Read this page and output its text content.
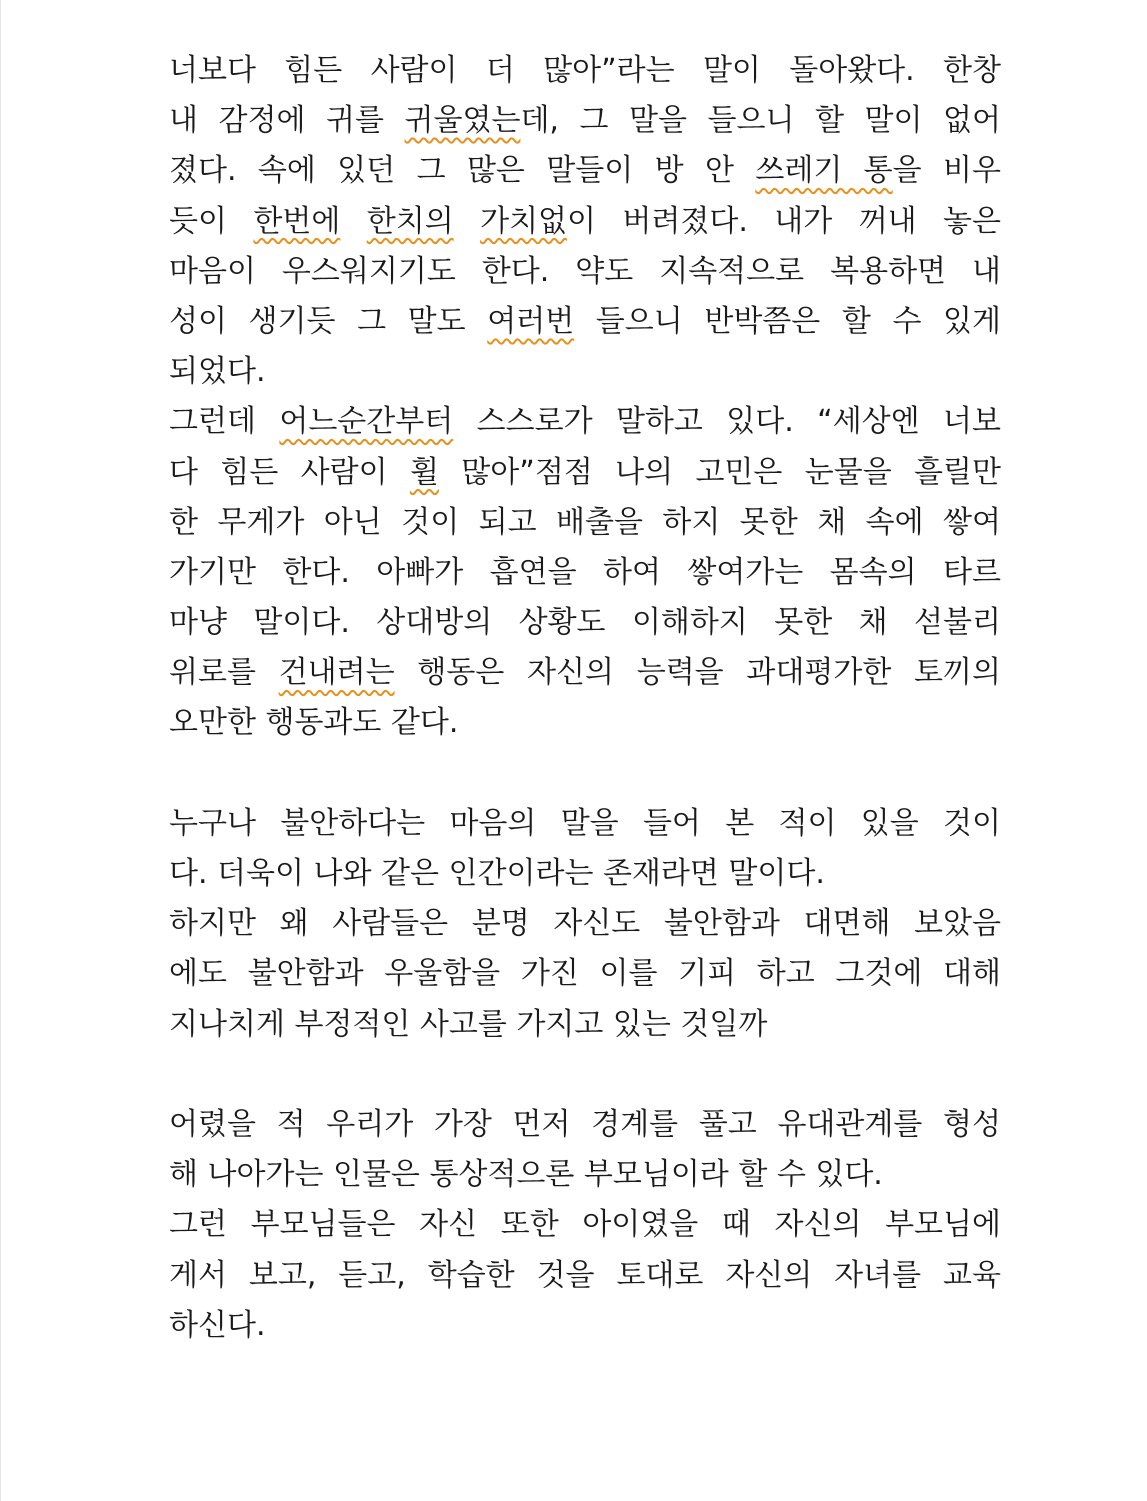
너보다 힘든 사람이 더 많아”라는 말이 돌아왔다. 한창
내 감정에 귀를 귀울였는데, 그 말을 들으니 할 말이 없어
졌다. 속에 있던 그 많은 말들이 방 안 쓰레기 통을 비우
듯이 한번에 한치의 가치없이 버려졌다. 내가 꺼내 놓은
마음이 우스워지기도 한다. 약도 지속적으로 복용하면 내
성이 생기듯 그 말도 여러번 들으니 반박쯤은 할 수 있게
되었다.
그런데 어느순간부터 스스로가 말하고 있다. “세상엔 너보
다 힘든 사람이 휠 많아”점점 나의 고민은 눈물을 흘릴만
한 무게가 아닌 것이 되고 배출을 하지 못한 채 속에 쌓여
가기만 한다. 아빠가 흡연을 하여 쌓여가는 몸속의 타르
마냥 말이다. 상대방의 상황도 이해하지 못한 채 섣불리
위로를 건내려는 행동은 자신의 능력을 과대평가한 토끼의
오만한 행동과도 같다.
누구나 불안하다는 마음의 말을 들어 본 적이 있을 것이
다. 더욱이 나와 같은 인간이라는 존재라면 말이다.
하지만 왜 사람들은 분명 자신도 불안함과 대면해 보았음
에도 불안함과 우울함을 가진 이를 기피 하고 그것에 대해
지나치게 부정적인 사고를 가지고 있는 것일까
어렸을 적 우리가 가장 먼저 경계를 풀고 유대관계를 형성
해 나아가는 인물은 통상적으론 부모님이라 할 수 있다.
그런 부모님들은 자신 또한 아이였을 때 자신의 부모님에
게서 보고, 듣고, 학습한 것을 토대로 자신의 자녀를 교육
하신다.
